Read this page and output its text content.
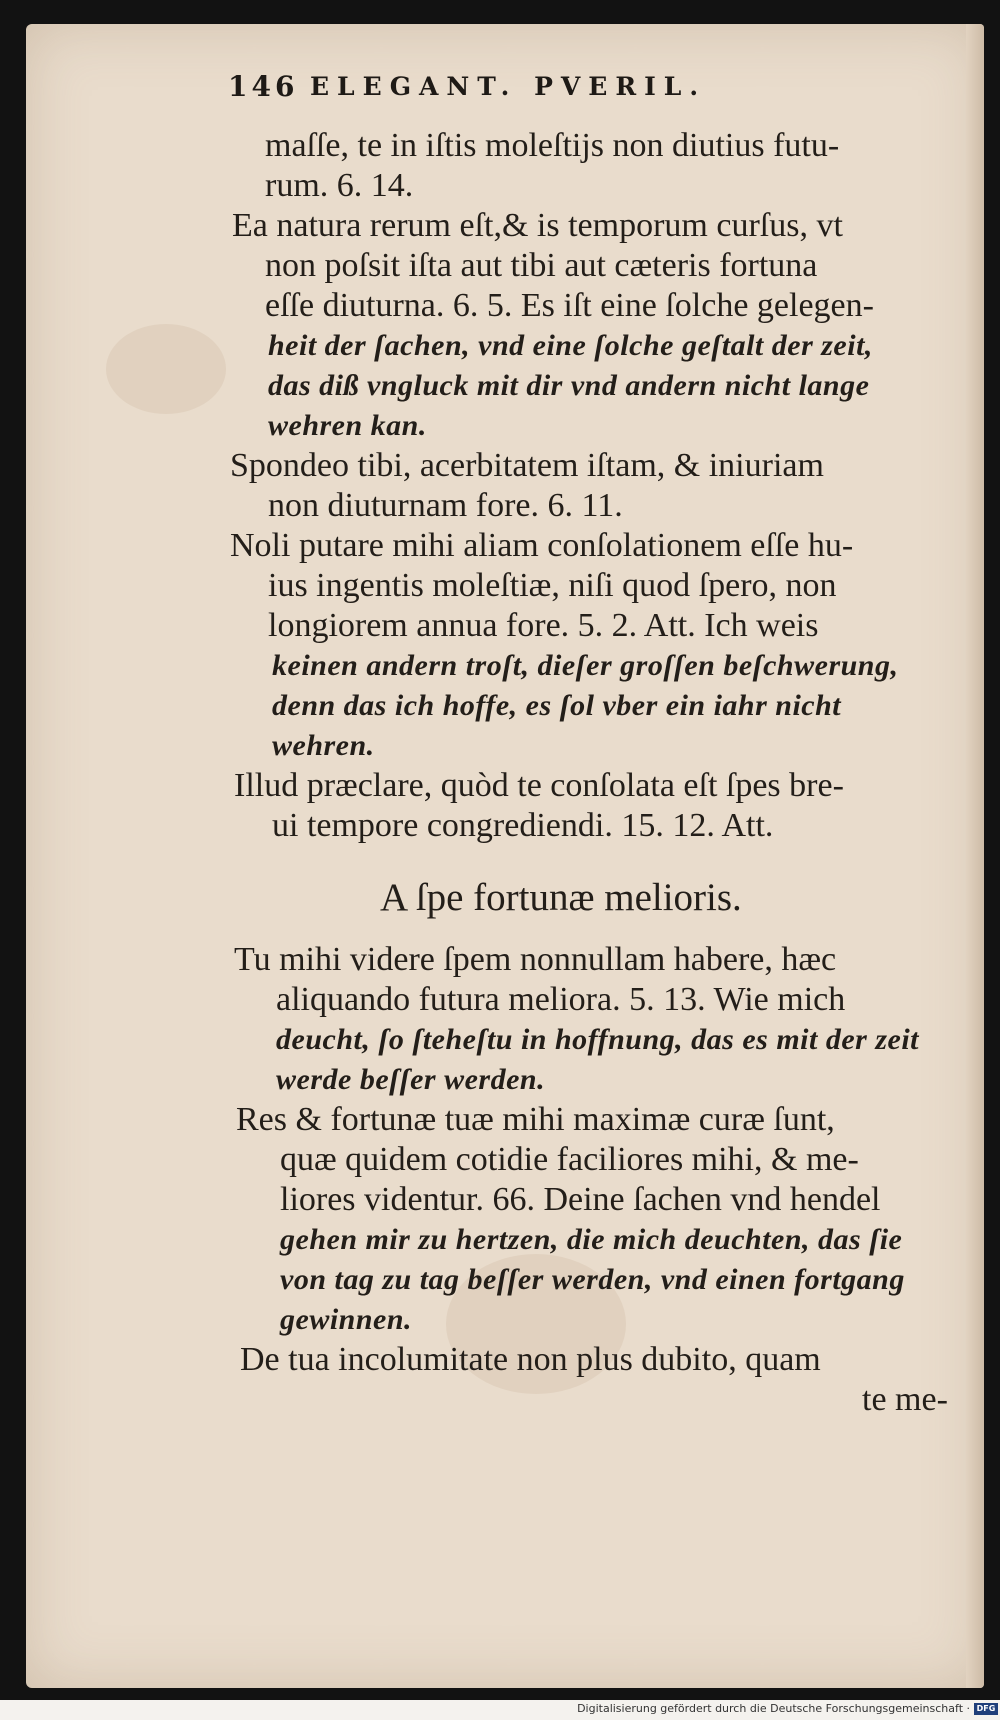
146 ELEGANT. PVERIL.
maſſe, te in iſtis moleſtijs non diutius futu-
rum. 6. 14.
Ea natura rerum eſt,& is temporum curſus, vt
non poſsit iſta aut tibi aut cæteris fortuna
eſſe diuturna. 6. 5. Es iſt eine ſolche gelegen-
heit der ſachen, vnd eine ſolche geſtalt der zeit,
das diß vngluck mit dir vnd andern nicht lange
wehren kan.
Spondeo tibi, acerbitatem iſtam, & iniuriam
non diuturnam fore. 6. 11.
Noli putare mihi aliam conſolationem eſſe hu-
ius ingentis moleſtiæ, niſi quod ſpero, non
longiorem annua fore. 5. 2. Att. Ich weis
keinen andern troſt, dieſer groſſen beſchwerung,
denn das ich hoffe, es ſol vber ein iahr nicht
wehren.
Illud præclare, quòd te conſolata eſt ſpes bre-
ui tempore congrediendi. 15. 12. Att.
A ſpe fortunæ melioris.
Tu mihi videre ſpem nonnullam habere, hæc
aliquando futura meliora. 5. 13. Wie mich
deucht, ſo ſteheſtu in hoffnung, das es mit der zeit
werde beſſer werden.
Res & fortunæ tuæ mihi maximæ curæ ſunt,
quæ quidem cotidie faciliores mihi, & me-
liores videntur. 66. Deine ſachen vnd hendel
gehen mir zu hertzen, die mich deuchten, das ſie
von tag zu tag beſſer werden, vnd einen fortgang
gewinnen.
De tua incolumitate non plus dubito, quam
te me-
Digitalisierung gefördert durch die Deutsche Forschungsgemeinschaft · DFG
